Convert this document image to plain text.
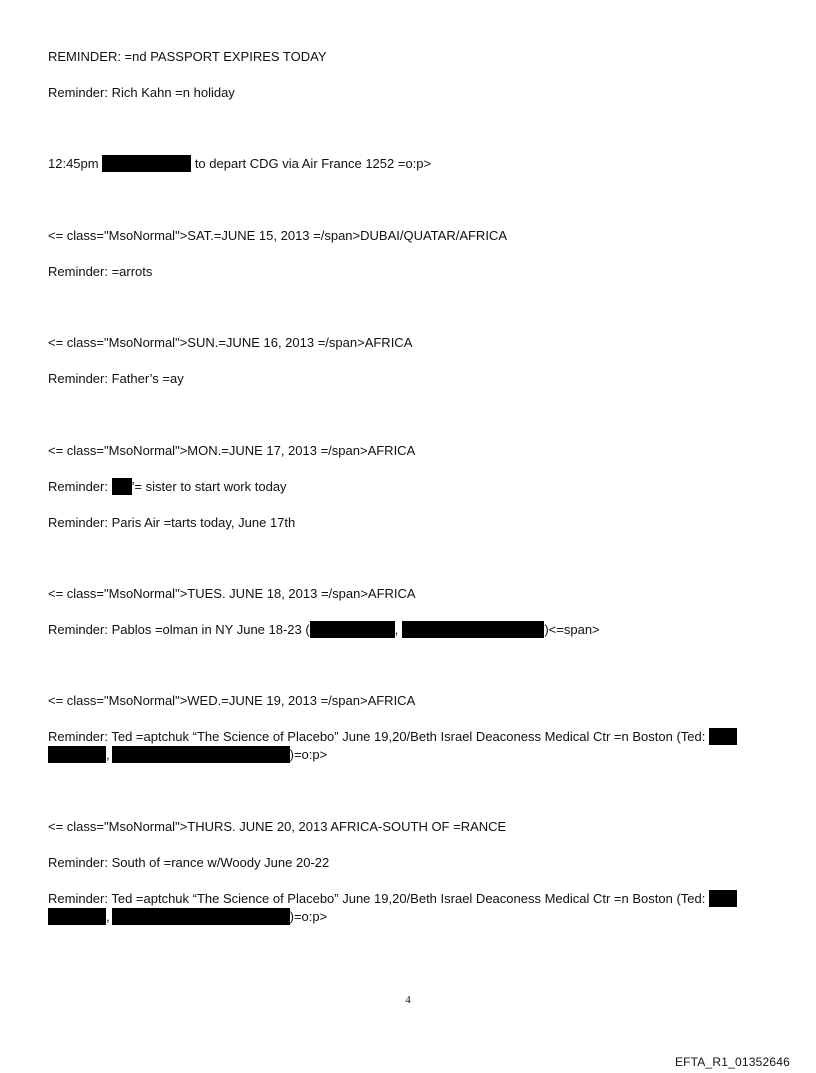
REMINDER: =nd PASSPORT EXPIRES TODAY
Reminder: Rich Kahn =n holiday
12:45pm	to depart CDG via Air France 1252 =o:p>
<= class="MsoNormal">SAT.=JUNE 15, 2013 =/span>DUBAI/QUATAR/AFRICA
Reminder: =arrots
<= class="MsoNormal">SUN.=JUNE 16, 2013 =/span>AFRICA
Reminder: Father’s =ay
<= class="MsoNormal">MON.=JUNE 17, 2013 =/span>AFRICA
Reminder: ’= sister to start work today
Reminder: Paris Air =tarts today, June 17th
<= class="MsoNormal">TUES. JUNE 18, 2013 =/span>AFRICA
Reminder: Pablos =olman in NY June 18-23 (	,	)<=span>
<= class="MsoNormal">WED.=JUNE 19, 2013 =/span>AFRICA
Reminder: Ted =aptchuk “The Science of Placebo” June 19,20/Beth Israel Deaconess Medical Ctr =n Boston (Ted:
,	)=o:p>
<= class="MsoNormal">THURS. JUNE 20, 2013 AFRICA-SOUTH OF =RANCE
Reminder: South of =rance w/Woody June 20-22
Reminder: Ted =aptchuk “The Science of Placebo” June 19,20/Beth Israel Deaconess Medical Ctr =n Boston (Ted:
,	)=o:p>
4
EFTA_R1_01352646
